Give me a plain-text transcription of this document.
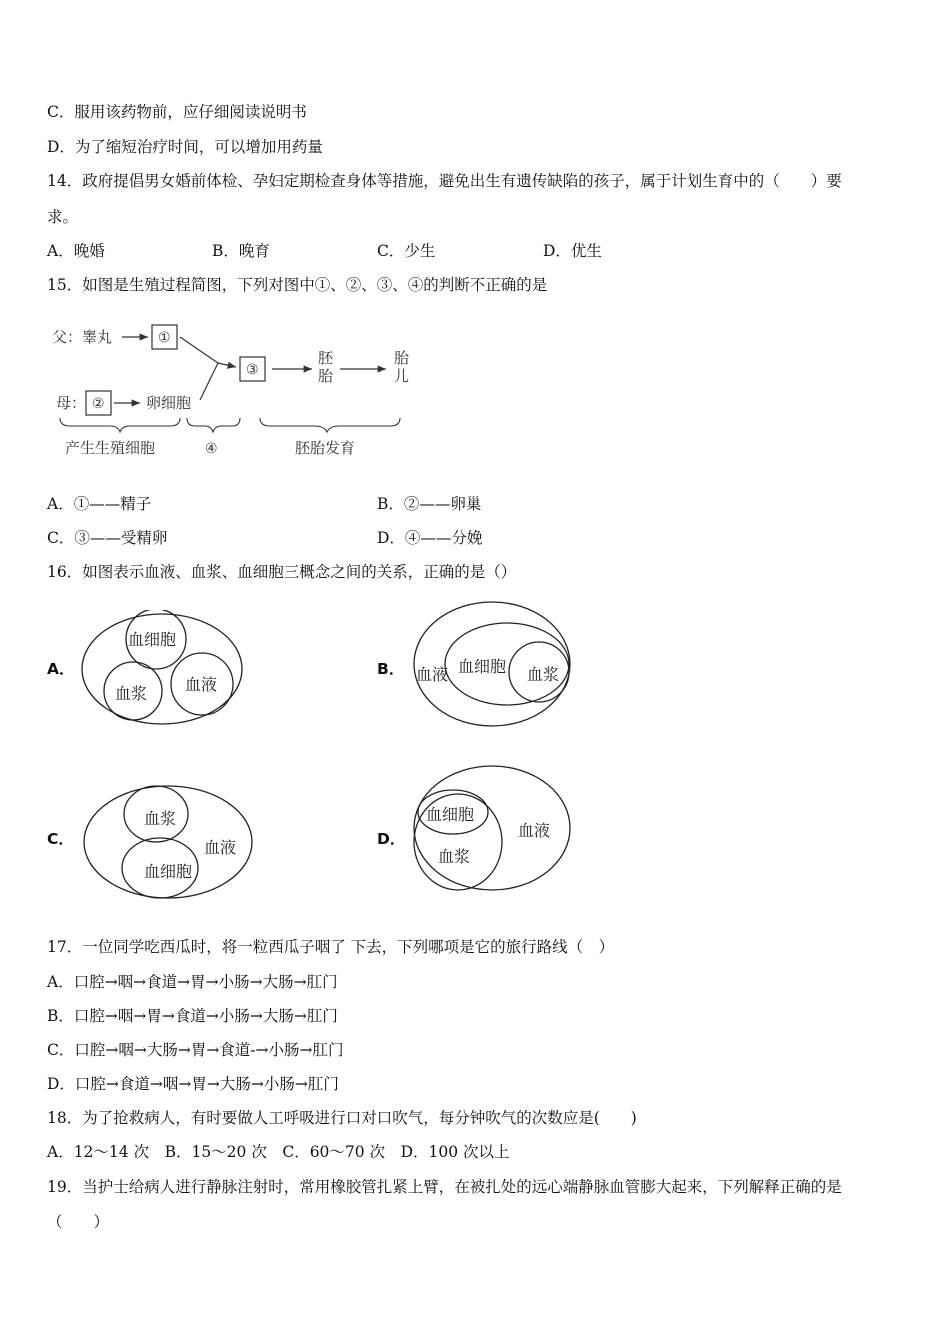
C．服用该药物前，应仔细阅读说明书
D．为了缩短治疗时间，可以增加用药量
14．政府提倡男女婚前体检、孕妇定期检查身体等措施，避免出生有遗传缺陷的孩子，属于计划生育中的（　　）要
求。
A．晚婚	B．晚育	C．少生	D．优生
15．如图是生殖过程简图，下列对图中①、②、③、④的判断不正确的是
父：睾丸	①
③
胚
胎
胎
儿
母： ②	卵细胞
产生生殖细胞	④	胚胎发育
A．①——精子	B．②——卵巢
C．③——受精卵	D．④——分娩
16．如图表示血液、血浆、血细胞三概念之间的关系，正确的是（）
A．
血细胞
血浆 血液
B． 血液 血细胞 血浆
C．
血浆
血液
血细胞
D．
血细胞
血液
血浆
17．一位同学吃西瓜时，将一粒西瓜子咽了 下去，下列哪项是它的旅行路线（　）
A．口腔→咽→食道→胃→小肠→大肠→肛门
B．口腔→咽→胃→食道→小肠→大肠→肛门
C．口腔→咽→大肠→胃→食道-→小肠→肛门
D．口腔→食道→咽→胃→大肠→小肠→肛门
18．为了抢救病人，有时要做人工呼吸进行口对口吹气，每分钟吹气的次数应是(　　)
A．12～14 次　B．15～20 次　C．60～70 次　D．100 次以上
19．当护士给病人进行静脉注射时，常用橡胶管扎紧上臂，在被扎处的远心端静脉血管膨大起来，下列解释正确的是
（　　）
